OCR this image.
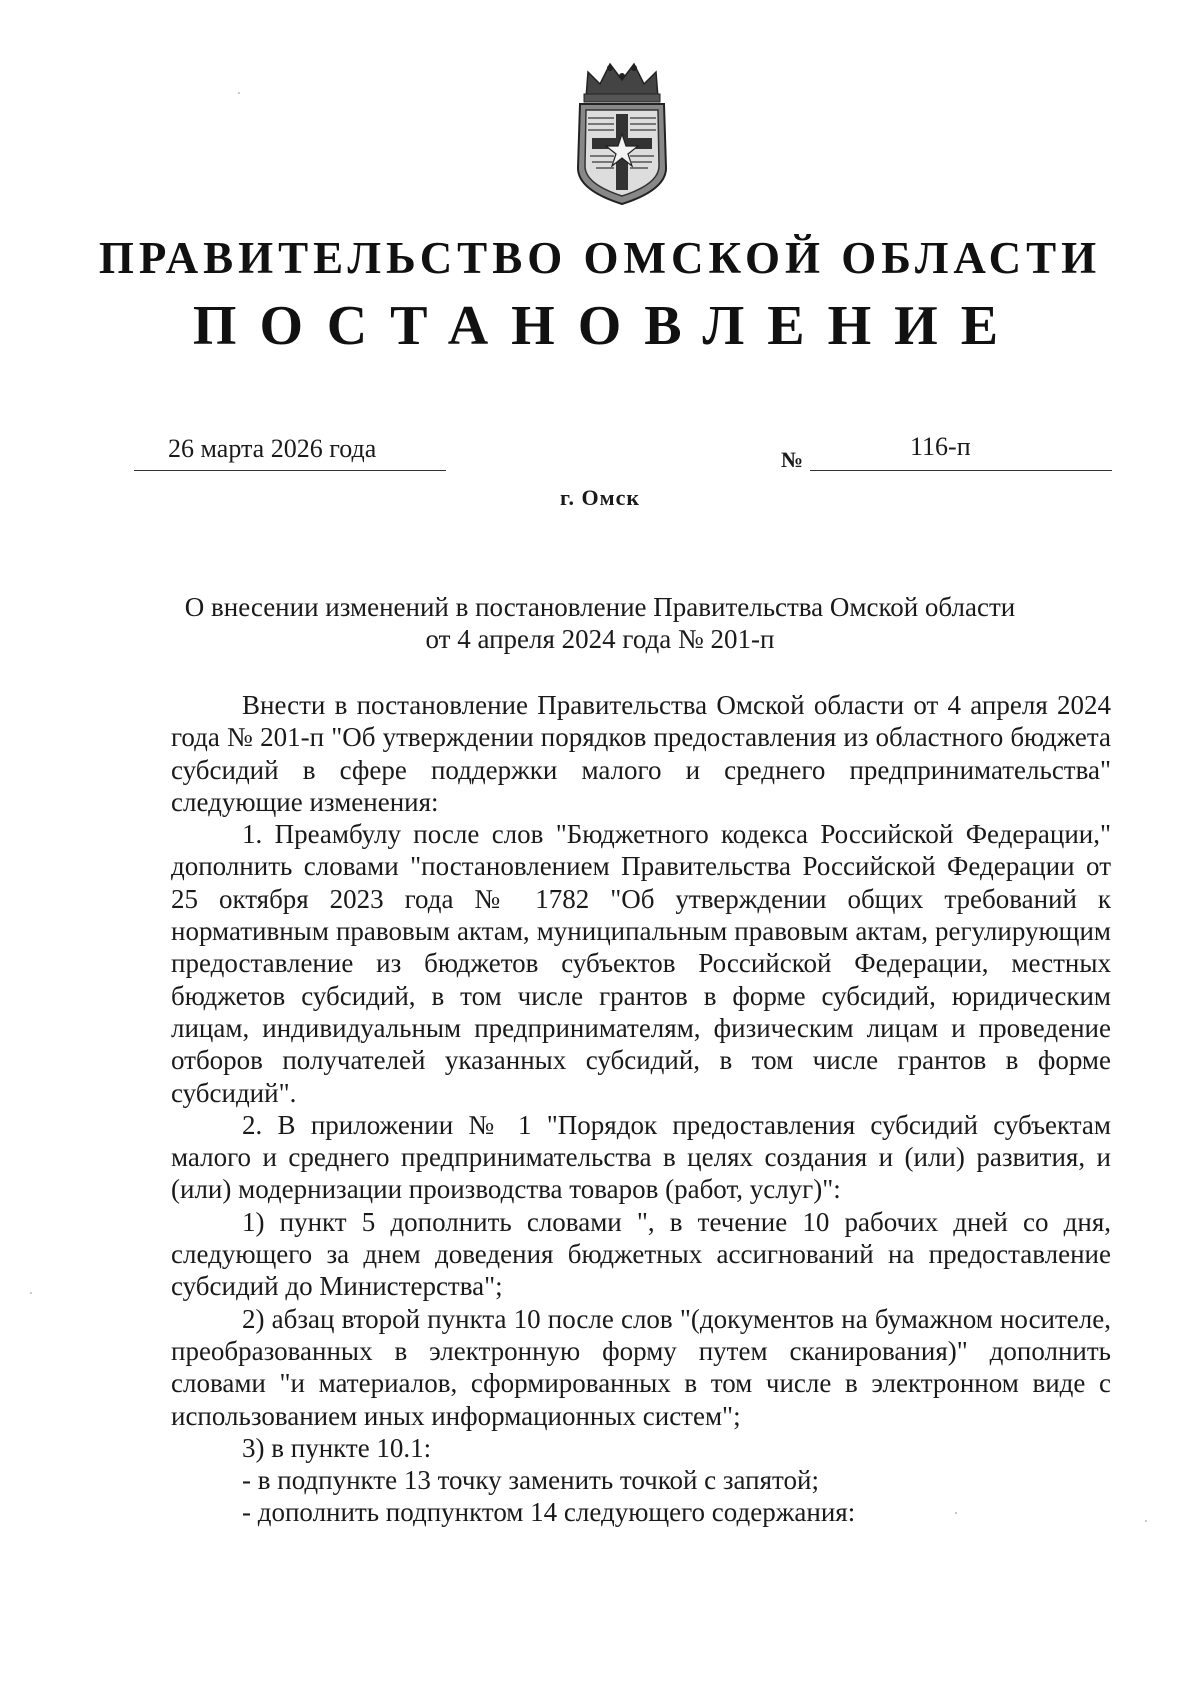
ПРАВИТЕЛЬСТВО ОМСКОЙ ОБЛАСТИ
ПОСТАНОВЛЕНИЕ
26 марта 2026 года	№	116-п
г. Омск
О внесении изменений в постановление Правительства Омской области
от 4 апреля 2024 года № 201-п

Внести в постановление Правительства Омской области от 4 апреля 2024 года № 201-п "Об утверждении порядков предоставления из областного бюджета субсидий в сфере поддержки малого и среднего предпринимательства" следующие изменения:

1. Преамбулу после слов "Бюджетного кодекса Российской Федерации," дополнить словами "постановлением Правительства Российской Федерации от 25 октября 2023 года № 1782 "Об утверждении общих требований к нормативным правовым актам, муниципальным правовым актам, регулирующим предоставление из бюджетов субъектов Российской Федерации, местных бюджетов субсидий, в том числе грантов в форме субсидий, юридическим лицам, индивидуальным предпринимателям, физическим лицам и проведение отборов получателей указанных субсидий, в том числе грантов в форме субсидий".

2. В приложении № 1 "Порядок предоставления субсидий субъектам малого и среднего предпринимательства в целях создания и (или) развития, и (или) модернизации производства товаров (работ, услуг)":

1) пункт 5 дополнить словами ", в течение 10 рабочих дней со дня, следующего за днем доведения бюджетных ассигнований на предоставление субсидий до Министерства";

2) абзац второй пункта 10 после слов "(документов на бумажном носителе, преобразованных в электронную форму путем сканирования)" дополнить словами "и материалов, сформированных в том числе в электронном виде с использованием иных информационных систем";

3) в пункте 10.1:

- в подпункте 13 точку заменить точкой с запятой;

- дополнить подпунктом 14 следующего содержания:
